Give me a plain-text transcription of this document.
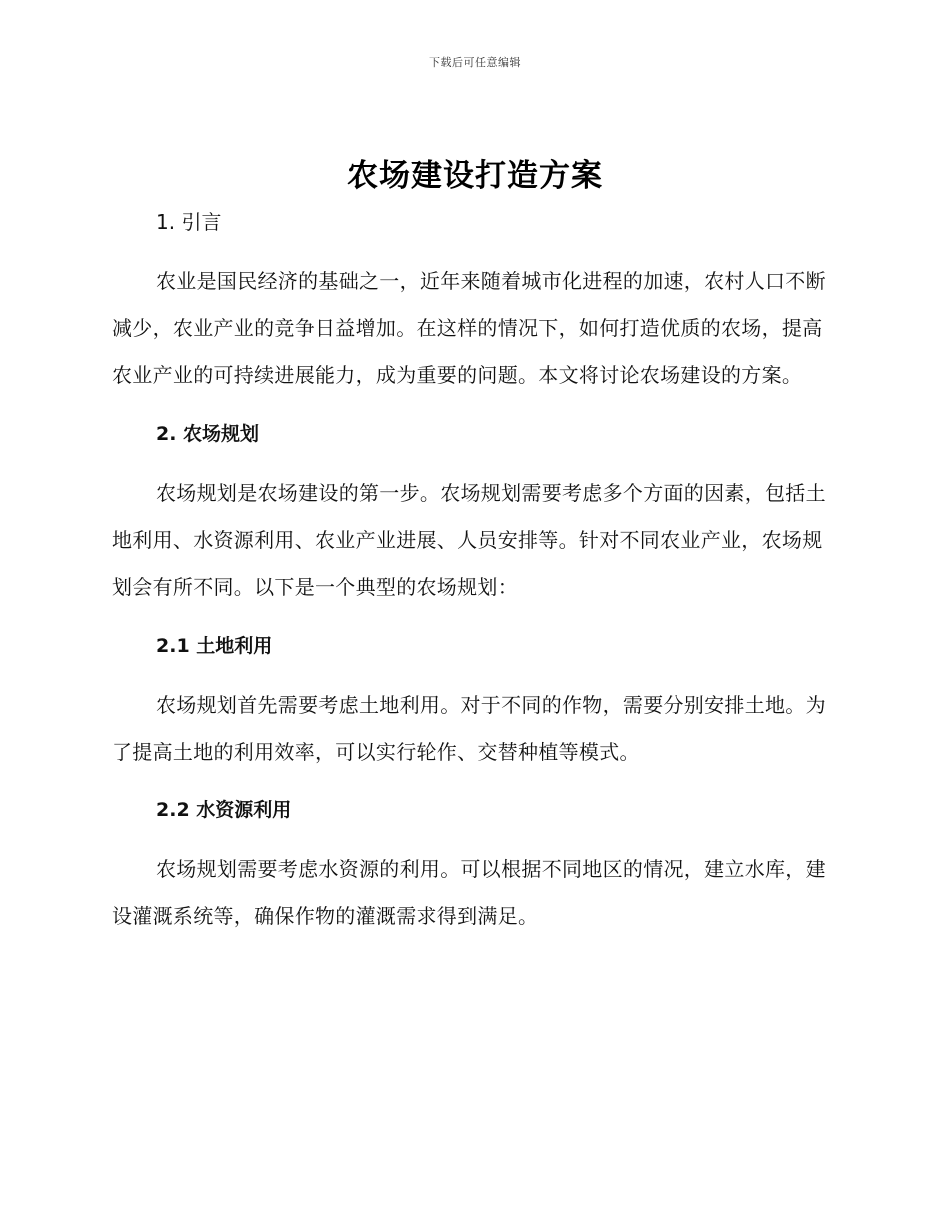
下载后可任意编辑
农场建设打造方案
1. 引言

农业是国民经济的基础之一，近年来随着城市化进程的加速，农村人口不断减少，农业产业的竞争日益增加。在这样的情况下，如何打造优质的农场，提高农业产业的可持续进展能力，成为重要的问题。本文将讨论农场建设的方案。

2. 农场规划

农场规划是农场建设的第一步。农场规划需要考虑多个方面的因素，包括土地利用、水资源利用、农业产业进展、人员安排等。针对不同农业产业，农场规划会有所不同。以下是一个典型的农场规划：

2.1 土地利用

农场规划首先需要考虑土地利用。对于不同的作物，需要分别安排土地。为了提高土地的利用效率，可以实行轮作、交替种植等模式。

2.2 水资源利用

农场规划需要考虑水资源的利用。可以根据不同地区的情况，建立水库，建设灌溉系统等，确保作物的灌溉需求得到满足。
